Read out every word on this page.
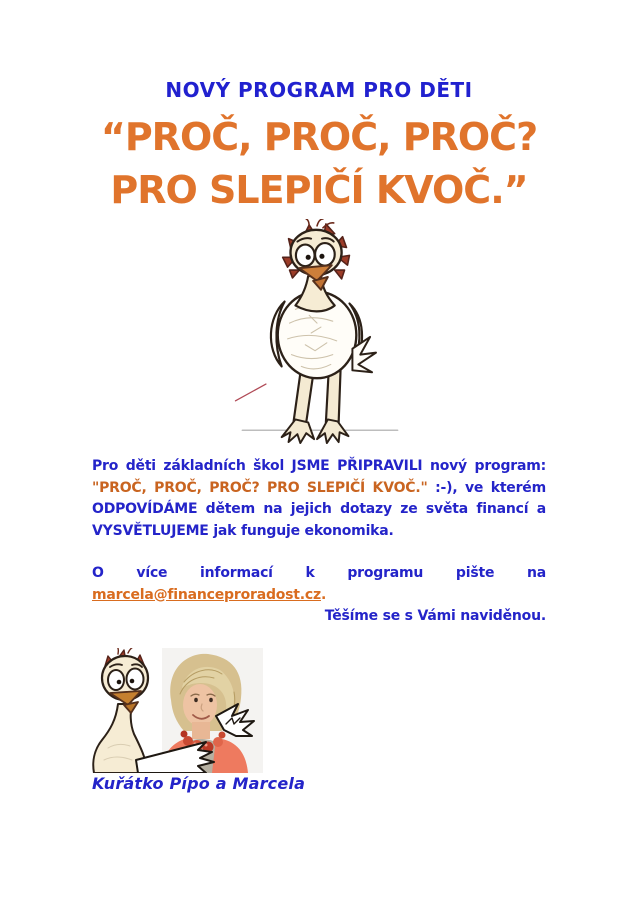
NOVÝ PROGRAM PRO DĚTI
“PROČ, PROČ, PROČ?
PRO SLEPIČÍ KVOČ.”
Pro děti základních škol JSME PŘIPRAVILI nový program:
"PROČ, PROČ, PROČ? PRO SLEPIČÍ KVOČ." :-), ve kterém
ODPOVÍDÁME dětem na jejich dotazy ze světa financí a
VYSVĚTLUJEME jak funguje ekonomika.
O více informací k programu pište na
marcela@financeproradost.cz.
Těšíme se s Vámi naviděnou.
Kuřátko Pípo a Marcela
